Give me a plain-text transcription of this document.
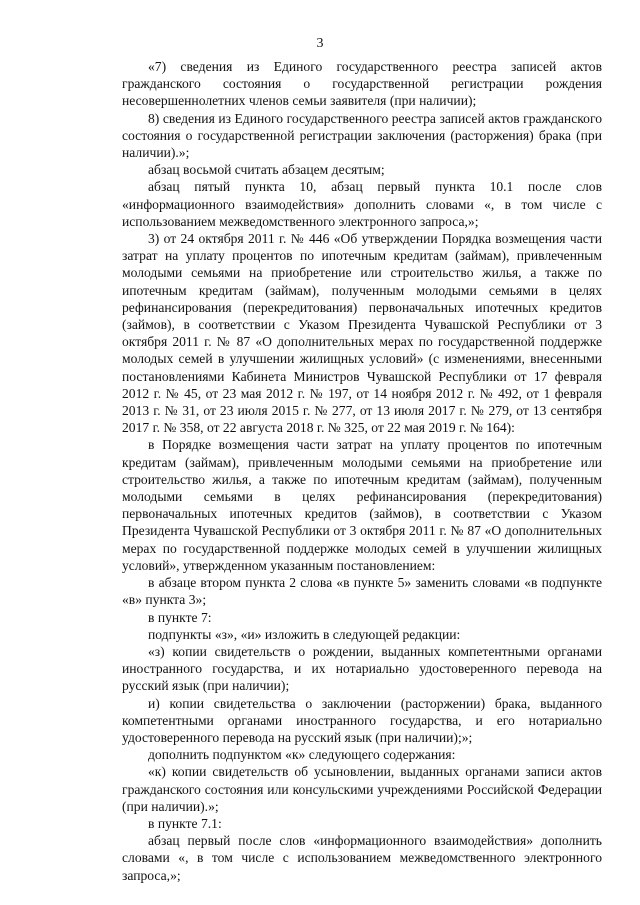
3

«7) сведения из Единого государственного реестра записей актов гражданского состояния о государственной регистрации рождения несовершеннолетних членов семьи заявителя (при наличии);

8) сведения из Единого государственного реестра записей актов гражданского состояния о государственной регистрации заключения (расторжения) брака (при наличии).»;

абзац восьмой считать абзацем десятым;

абзац пятый пункта 10, абзац первый пункта 10.1 после слов «информационного взаимодействия» дополнить словами «, в том числе с использованием межведомственного электронного запроса,»;

3) от 24 октября 2011 г. № 446 «Об утверждении Порядка возмещения части затрат на уплату процентов по ипотечным кредитам (займам), привлеченным молодыми семьями на приобретение или строительство жилья, а также по ипотечным кредитам (займам), полученным молодыми семьями в целях рефинансирования (перекредитования) первоначальных ипотечных кредитов (займов), в соответствии с Указом Президента Чувашской Республики от 3 октября 2011 г. № 87 «О дополнительных мерах по государственной поддержке молодых семей в улучшении жилищных условий» (с изменениями, внесенными постановлениями Кабинета Министров Чувашской Республики от 17 февраля 2012 г. № 45, от 23 мая 2012 г. № 197, от 14 ноября 2012 г. № 492, от 1 февраля 2013 г. № 31, от 23 июля 2015 г. № 277, от 13 июля 2017 г. № 279, от 13 сентября 2017 г. № 358, от 22 августа 2018 г. № 325, от 22 мая 2019 г. № 164):

в Порядке возмещения части затрат на уплату процентов по ипотечным кредитам (займам), привлеченным молодыми семьями на приобретение или строительство жилья, а также по ипотечным кредитам (займам), полученным молодыми семьями в целях рефинансирования (перекредитования) первоначальных ипотечных кредитов (займов), в соответствии с Указом Президента Чувашской Республики от 3 октября 2011 г. № 87 «О дополнительных мерах по государственной поддержке молодых семей в улучшении жилищных условий», утвержденном указанным постановлением:

в абзаце втором пункта 2 слова «в пункте 5» заменить словами «в подпункте «в» пункта 3»;

в пункте 7:

подпункты «з», «и» изложить в следующей редакции:

«з) копии свидетельств о рождении, выданных компетентными органами иностранного государства, и их нотариально удостоверенного перевода на русский язык (при наличии);

и) копии свидетельства о заключении (расторжении) брака, выданного компетентными органами иностранного государства, и его нотариально удостоверенного перевода на русский язык (при наличии);»;

дополнить подпунктом «к» следующего содержания:

«к) копии свидетельств об усыновлении, выданных органами записи актов гражданского состояния или консульскими учреждениями Российской Федерации (при наличии).»;

в пункте 7.1:

абзац первый после слов «информационного взаимодействия» дополнить словами «, в том числе с использованием межведомственного электронного запроса,»;
